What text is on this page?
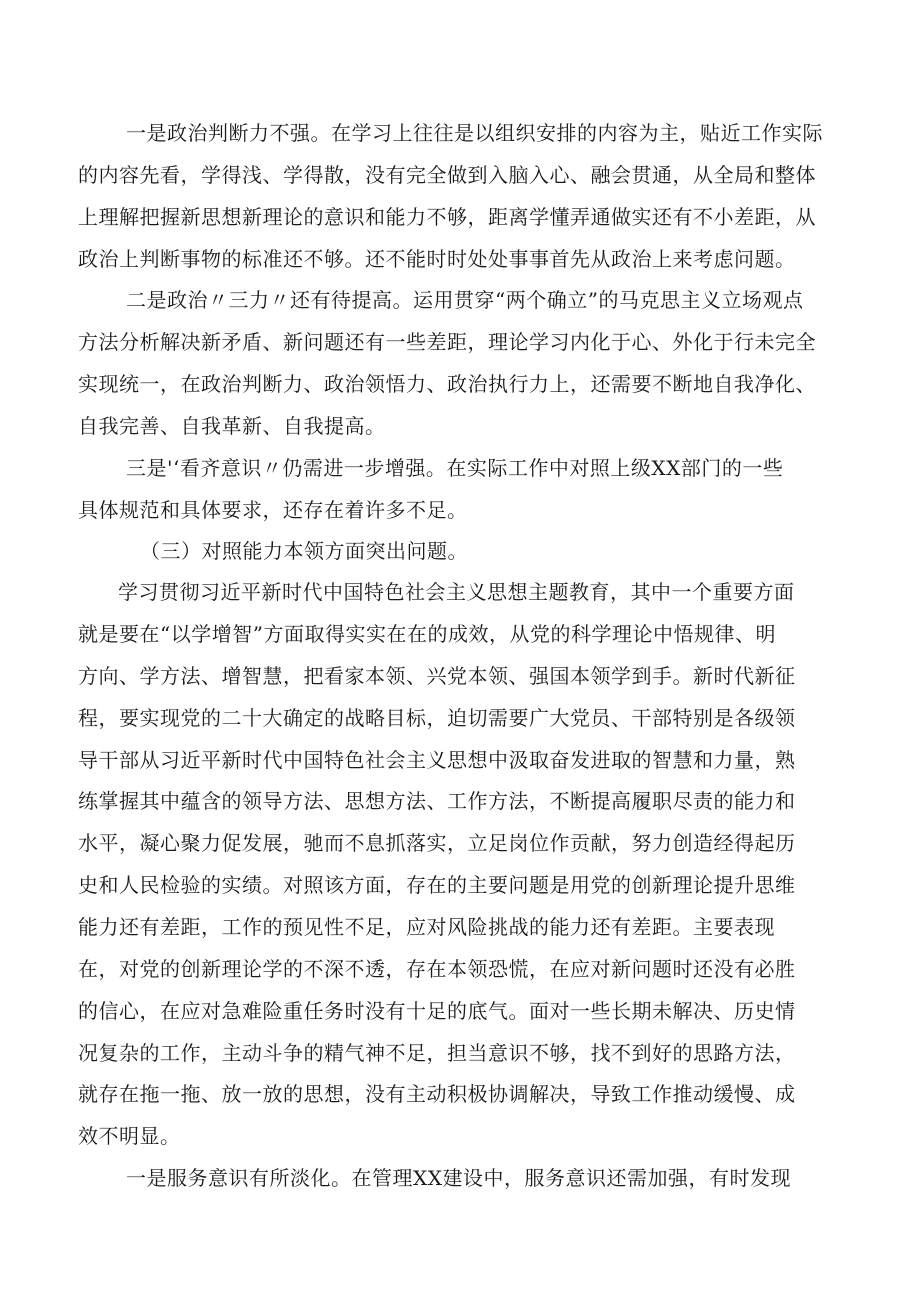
一是政治判断力不强。在学习上往往是以组织安排的内容为主，贴近工作实际
的内容先看，学得浅、学得散，没有完全做到入脑入心、融会贯通，从全局和整体
上理解把握新思想新理论的意识和能力不够，距离学懂弄通做实还有不小差距，从
政治上判断事物的标准还不够。还不能时时处处事事首先从政治上来考虑问题。
二是政治〃三力〃还有待提高。运用贯穿“两个确立”的马克思主义立场观点
方法分析解决新矛盾、新问题还有一些差距，理论学习内化于心、外化于行未完全
实现统一，在政治判断力、政治领悟力、政治执行力上，还需要不断地自我净化、
自我完善、自我革新、自我提高。
三是'‘看齐意识〃仍需进一步增强。在实际工作中对照上级XX部门的一些
具体规范和具体要求，还存在着许多不足。
（三）对照能力本领方面突出问题。
学习贯彻习近平新时代中国特色社会主义思想主题教育，其中一个重要方面
就是要在“以学增智”方面取得实实在在的成效，从党的科学理论中悟规律、明
方向、学方法、增智慧，把看家本领、兴党本领、强国本领学到手。新时代新征
程，要实现党的二十大确定的战略目标，迫切需要广大党员、干部特别是各级领
导干部从习近平新时代中国特色社会主义思想中汲取奋发进取的智慧和力量，熟
练掌握其中蕴含的领导方法、思想方法、工作方法，不断提高履职尽责的能力和
水平，凝心聚力促发展，驰而不息抓落实，立足岗位作贡献，努力创造经得起历
史和人民检验的实绩。对照该方面，存在的主要问题是用党的创新理论提升思维
能力还有差距，工作的预见性不足，应对风险挑战的能力还有差距。主要表现
在，对党的创新理论学的不深不透，存在本领恐慌，在应对新问题时还没有必胜
的信心，在应对急难险重任务时没有十足的底气。面对一些长期未解决、历史情
况复杂的工作，主动斗争的精气神不足，担当意识不够，找不到好的思路方法，
就存在拖一拖、放一放的思想，没有主动积极协调解决，导致工作推动缓慢、成
效不明显。
一是服务意识有所淡化。在管理XX建设中，服务意识还需加强，有时发现
